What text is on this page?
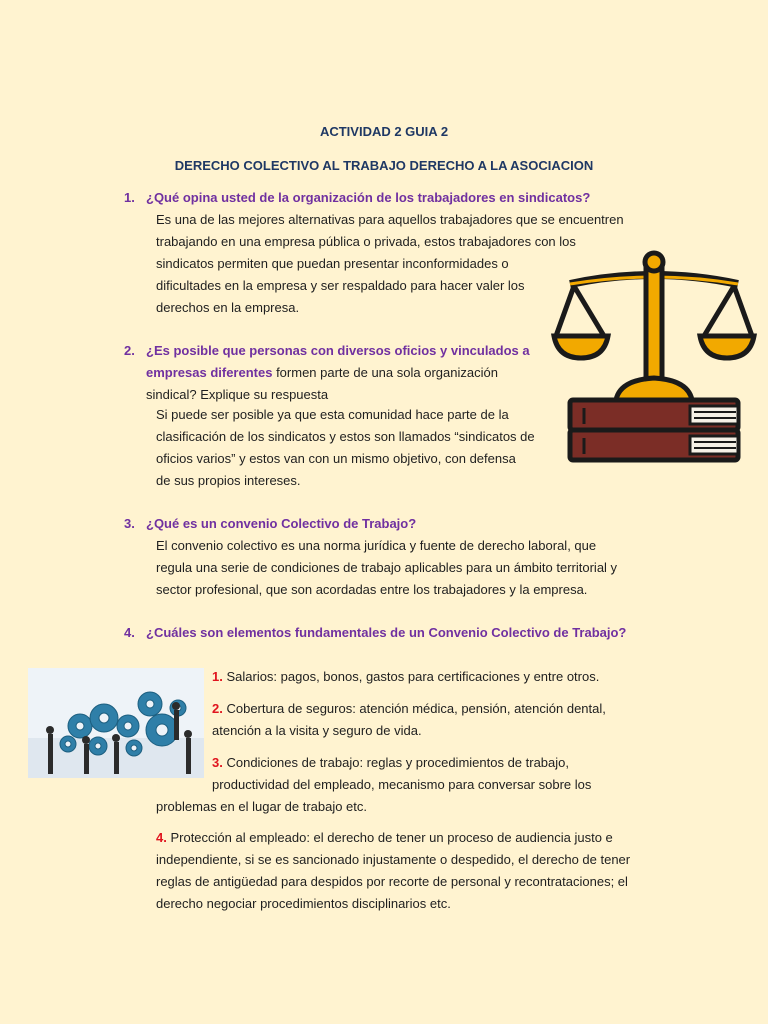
ACTIVIDAD 2 GUIA 2
DERECHO COLECTIVO AL TRABAJO DERECHO A LA ASOCIACION
1. ¿Qué opina usted de la organización de los trabajadores en sindicatos?
Es una de las mejores alternativas para aquellos trabajadores que se encuentren
trabajando en una empresa pública o privada, estos trabajadores con los
sindicatos permiten que puedan presentar inconformidades o
dificultades en la empresa y ser respaldado para hacer valer los
derechos en la empresa.
2. ¿Es posible que personas con diversos oficios y vinculados a
empresas diferentes formen parte de una sola organización
sindical? Explique su respuesta
Si puede ser posible ya que esta comunidad hace parte de la
clasificación de los sindicatos y estos son llamados “sindicatos de
oficios varios” y estos van con un mismo objetivo, con defensa
de sus propios intereses.
3. ¿Qué es un convenio Colectivo de Trabajo?
El convenio colectivo es una norma jurídica y fuente de derecho laboral, que
regula una serie de condiciones de trabajo aplicables para un ámbito territorial y
sector profesional, que son acordadas entre los trabajadores y la empresa.
4. ¿Cuáles son elementos fundamentales de un Convenio Colectivo de Trabajo?
1. Salarios: pagos, bonos, gastos para certificaciones y entre otros.
2. Cobertura de seguros: atención médica, pensión, atención dental,
atención a la visita y seguro de vida.
3. Condiciones de trabajo: reglas y procedimientos de trabajo,
productividad del empleado, mecanismo para conversar sobre los
problemas en el lugar de trabajo etc.
4. Protección al empleado: el derecho de tener un proceso de audiencia justo e
independiente, si se es sancionado injustamente o despedido, el derecho de tener
reglas de antigüedad para despidos por recorte de personal y recontrataciones; el
derecho negociar procedimientos disciplinarios etc.
